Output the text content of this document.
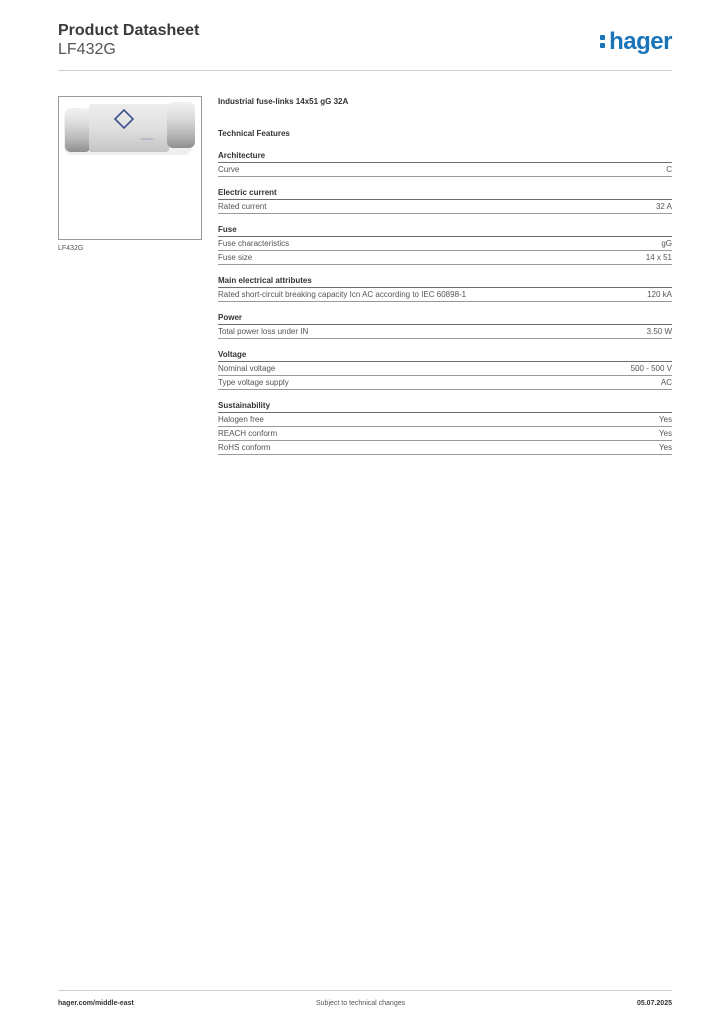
Product Datasheet
LF432G	hager
LF432G
Industrial fuse-links 14x51 gG 32A
Technical Features
Architecture
Curve	C
Electric current
Rated current	32 A
Fuse
Fuse characteristics	gG
Fuse size	14 x 51
Main electrical attributes
Rated short-circuit breaking capacity Icn AC according to IEC 60898-1	120 kA
Power
Total power loss under IN	3.50 W
Voltage
Nominal voltage	500 - 500 V
Type voltage supply	AC
Sustainability
Halogen free	Yes
REACH conform	Yes
RoHS conform	Yes
hager.com/middle-east	Subject to technical changes	05.07.2025
